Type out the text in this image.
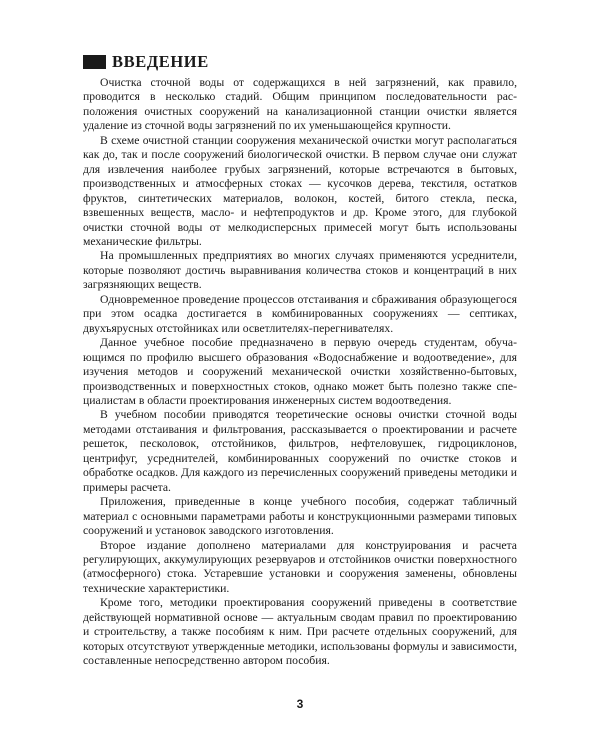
ВВЕДЕНИЕ

Очистка сточной воды от содержащихся в ней загрязнений, как правило, проводится в несколько стадий. Общим принципом последовательности расположения очистных сооружений на канализационной станции очистки является удаление из сточной воды загрязнений по их уменьшающейся крупности.

В схеме очистной станции сооружения механической очистки могут располагаться как до, так и после сооружений биологической очистки. В первом случае они служат для извлечения наиболее грубых загрязнений, которые встречаются в бытовых, производственных и атмосферных стоках — кусочков дерева, текстиля, остатков фруктов, синтетических материалов, волокон, костей, битого стекла, песка, взвешенных веществ, масло- и нефтепродуктов и др. Кроме этого, для глубокой очистки сточной воды от мелкодисперсных примесей могут быть использованы механические фильтры.

На промышленных предприятиях во многих случаях применяются усреднители, которые позволяют достичь выравнивания количества стоков и концентраций в них загрязняющих веществ.

Одновременное проведение процессов отстаивания и сбраживания образующегося при этом осадка достигается в комбинированных сооружениях — септиках, двухъярусных отстойниках или осветлителях-перегнивателях.

Данное учебное пособие предназначено в первую очередь студентам, обучающимся по профилю высшего образования «Водоснабжение и водоотведение», для изучения методов и сооружений механической очистки хозяйственно-бытовых, производственных и поверхностных стоков, однако может быть полезно также специалистам в области проектирования инженерных систем водоотведения.

В учебном пособии приводятся теоретические основы очистки сточной воды методами отстаивания и фильтрования, рассказывается о проектировании и расчете решеток, песколовок, отстойников, фильтров, нефтеловушек, гидроциклонов, центрифуг, усреднителей, комбинированных сооружений по очистке стоков и обработке осадков. Для каждого из перечисленных сооружений приведены методики и примеры расчета.

Приложения, приведенные в конце учебного пособия, содержат табличный материал с основными параметрами работы и конструкционными размерами типовых сооружений и установок заводского изготовления.

Второе издание дополнено материалами для конструирования и расчета регулирующих, аккумулирующих резервуаров и отстойников очистки поверхностного (атмосферного) стока. Устаревшие установки и сооружения заменены, обновлены технические характеристики.

Кроме того, методики проектирования сооружений приведены в соответствие действующей нормативной основе — актуальным сводам правил по проектированию и строительству, а также пособиям к ним. При расчете отдельных сооружений, для которых отсутствуют утвержденные методики, использованы формулы и зависимости, составленные непосредственно автором пособия.

3
